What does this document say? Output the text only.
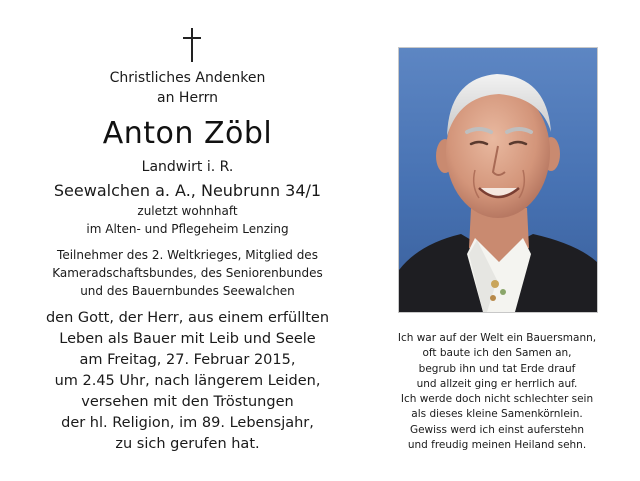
Christliches Andenken
an Herrn
Anton Zöbl
Landwirt i. R.
Seewalchen a. A., Neubrunn 34/1
zuletzt wohnhaft
im Alten- und Pflegeheim Lenzing
Teilnehmer des 2. Weltkrieges, Mitglied des
Kameradschaftsbundes, des Seniorenbundes
und des Bauernbundes Seewalchen
den Gott, der Herr, aus einem erfüllten
Leben als Bauer mit Leib und Seele
am Freitag, 27. Februar 2015,
um 2.45 Uhr, nach längerem Leiden,
versehen mit den Tröstungen
der hl. Religion, im 89. Lebensjahr,
zu sich gerufen hat.
Ich war auf der Welt ein Bauersmann,
oft baute ich den Samen an,
begrub ihn und tat Erde drauf
und allzeit ging er herrlich auf.
Ich werde doch nicht schlechter sein
als dieses kleine Samenkörnlein.
Gewiss werd ich einst auferstehn
und freudig meinen Heiland sehn.
